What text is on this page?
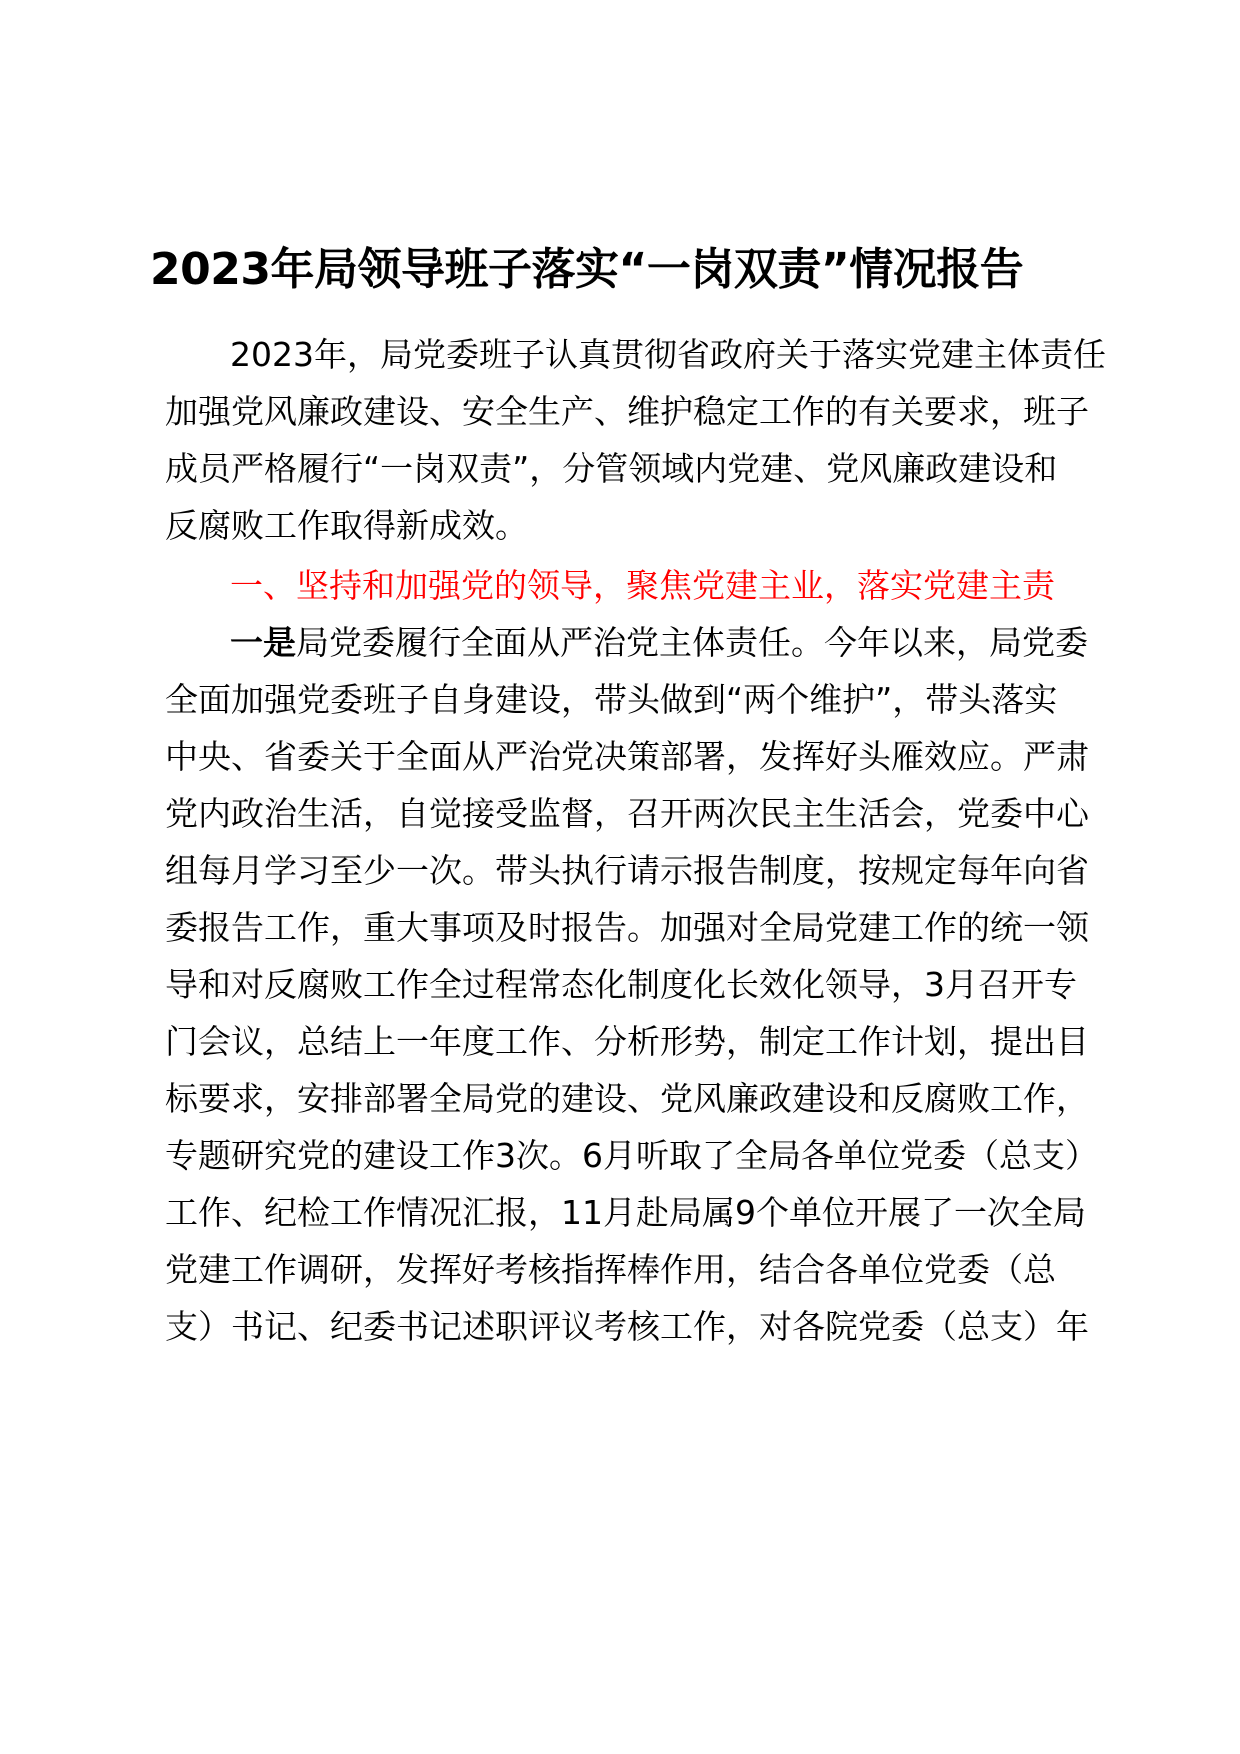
2023年局领导班子落实“一岗双责”情况报告
2023年，局党委班子认真贯彻省政府关于落实党建主体责任
加强党风廉政建设、安全生产、维护稳定工作的有关要求，班子
成员严格履行“一岗双责”，分管领域内党建、党风廉政建设和
反腐败工作取得新成效。
一、坚持和加强党的领导，聚焦党建主业，落实党建主责
一是局党委履行全面从严治党主体责任。今年以来，局党委
全面加强党委班子自身建设，带头做到“两个维护”，带头落实
中央、省委关于全面从严治党决策部署，发挥好头雁效应。严肃
党内政治生活，自觉接受监督，召开两次民主生活会，党委中心
组每月学习至少一次。带头执行请示报告制度，按规定每年向省
委报告工作，重大事项及时报告。加强对全局党建工作的统一领
导和对反腐败工作全过程常态化制度化长效化领导，3月召开专
门会议，总结上一年度工作、分析形势，制定工作计划，提出目
标要求，安排部署全局党的建设、党风廉政建设和反腐败工作，
专题研究党的建设工作3次。6月听取了全局各单位党委（总支）
工作、纪检工作情况汇报，11月赴局属9个单位开展了一次全局
党建工作调研，发挥好考核指挥棒作用，结合各单位党委（总
支）书记、纪委书记述职评议考核工作，对各院党委（总支）年
